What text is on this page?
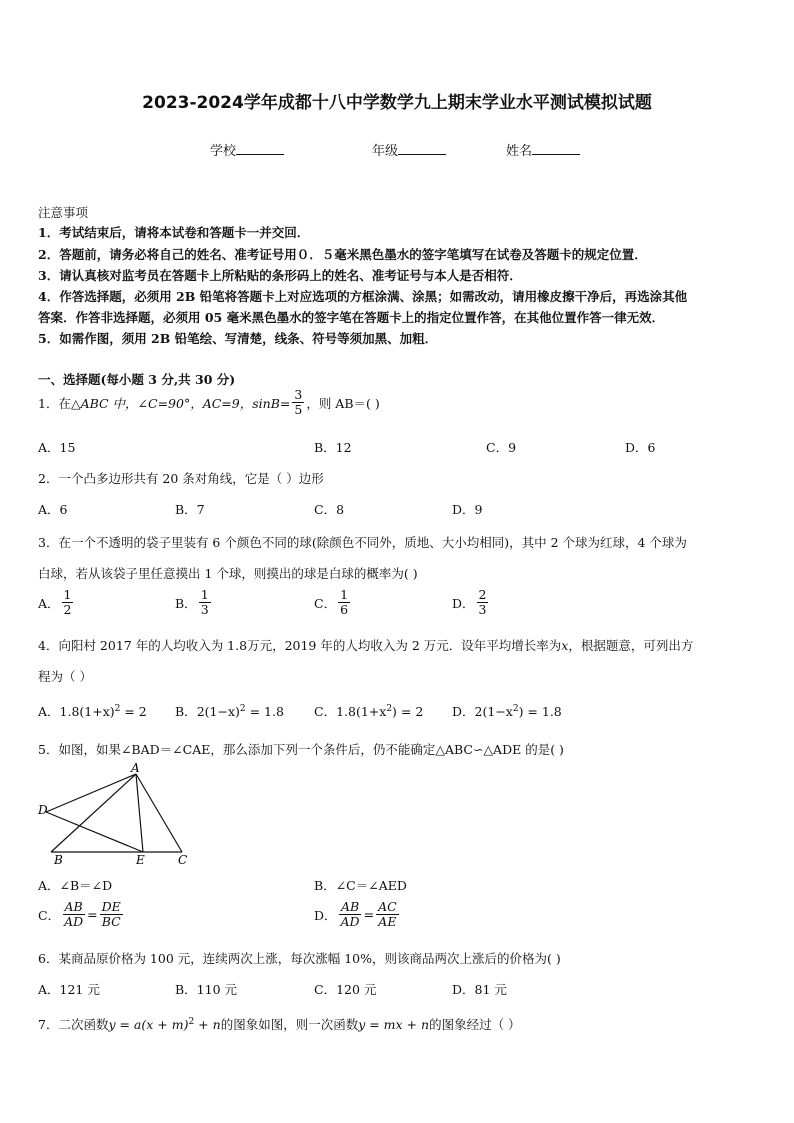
2023-2024学年成都十八中学数学九上期末学业水平测试模拟试题
学校	年级	姓名
注意事项
1．考试结束后，请将本试卷和答题卡一并交回．
2．答题前，请务必将自己的姓名、准考证号用０．５毫米黑色墨水的签字笔填写在试卷及答题卡的规定位置．
3．请认真核对监考员在答题卡上所粘贴的条形码上的姓名、准考证号与本人是否相符．
4．作答选择题，必须用 2B 铅笔将答题卡上对应选项的方框涂满、涂黑；如需改动，请用橡皮擦干净后，再选涂其他
答案．作答非选择题，必须用 05 毫米黑色墨水的签字笔在答题卡上的指定位置作答，在其他位置作答一律无效．
5．如需作图，须用 2B 铅笔绘、写清楚，线条、符号等须加黑、加粗．
一、选择题(每小题 3 分,共 30 分)
1．在 △ABC 中，∠C=90°，AC=9，$\sin B= \frac{3}{5}$ ，则 AB＝( )
A．15	B．12	C．9	D．6
2．一个凸多边形共有 20 条对角线，它是（ ）边形
A．6	B．7	C．8	D．9
3．在一个不透明的袋子里装有 6 个颜色不同的球(除颜色不同外，质地、大小均相同)，其中 2 个球为红球，4 个球为
白球，若从该袋子里任意摸出 1 个球，则摸出的球是白球的概率为( )
A． $\frac{1}{2}$	B． $\frac{1}{3}$	C． $\frac{1}{6}$	D． $\frac{2}{3}$
4．向阳村 2017 年的人均收入为 1.8万元，2019 年的人均收入为 2 万元．设年平均增长率为x，根据题意，可列出方
程为（ ）
A．$1.8(1+x)^2 = 2$ B．$2(1-x)^2 = 1.8$ C．$1.8(1+x^2) = 2$ D．$2(1-x^2) = 1.8$
5．如图，如果∠BAD＝∠CAE，那么添加下列一个条件后，仍不能确定△ABC∽△ADE 的是( )
A
D
B	E	C
A．∠B＝∠D	B．∠C＝∠AED
C． $\frac{AB}{AD} = \frac{DE}{BC}$	D． $\frac{AB}{AD} = \frac{AC}{AE}$
6．某商品原价格为 100 元，连续两次上涨，每次涨幅 10%，则该商品两次上涨后的价格为( )
A．121 元	B．110 元	C．120 元	D．81 元
7．二次函数$y = a(x + m)^2 + n$的图象如图，则一次函数y = mx + n的图象经过（ ）
